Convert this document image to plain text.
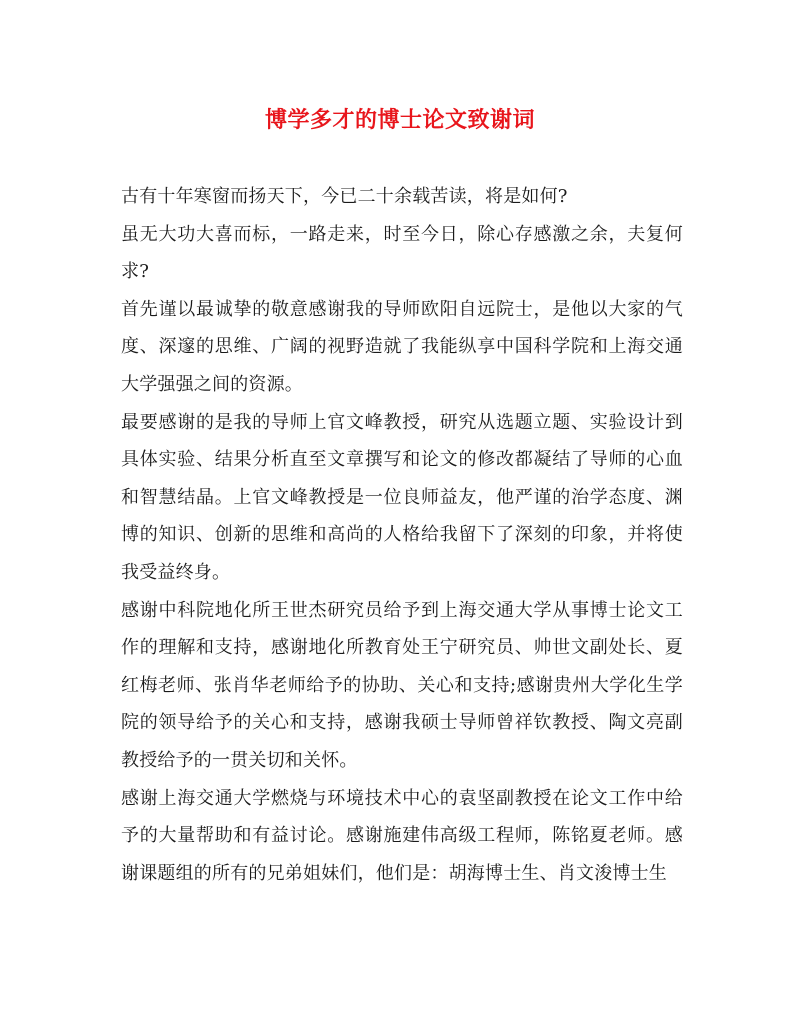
博学多才的博士论文致谢词

古有十年寒窗而扬天下，今已二十余载苦读，将是如何?

虽无大功大喜而标，一路走来，时至今日，除心存感激之余，夫复何求?

首先谨以最诚挚的敬意感谢我的导师欧阳自远院士，是他以大家的气度、深邃的思维、广阔的视野造就了我能纵享中国科学院和上海交通大学强强之间的资源。

最要感谢的是我的导师上官文峰教授，研究从选题立题、实验设计到具体实验、结果分析直至文章撰写和论文的修改都凝结了导师的心血和智慧结晶。上官文峰教授是一位良师益友，他严谨的治学态度、渊博的知识、创新的思维和高尚的人格给我留下了深刻的印象，并将使我受益终身。

感谢中科院地化所王世杰研究员给予到上海交通大学从事博士论文工作的理解和支持，感谢地化所教育处王宁研究员、帅世文副处长、夏红梅老师、张肖华老师给予的协助、关心和支持;感谢贵州大学化生学院的领导给予的关心和支持，感谢我硕士导师曾祥钦教授、陶文亮副教授给予的一贯关切和关怀。

感谢上海交通大学燃烧与环境技术中心的袁坚副教授在论文工作中给予的大量帮助和有益讨论。感谢施建伟高级工程师，陈铭夏老师。感谢课题组的所有的兄弟姐妹们，他们是：胡海博士生、肖文浚博士生
